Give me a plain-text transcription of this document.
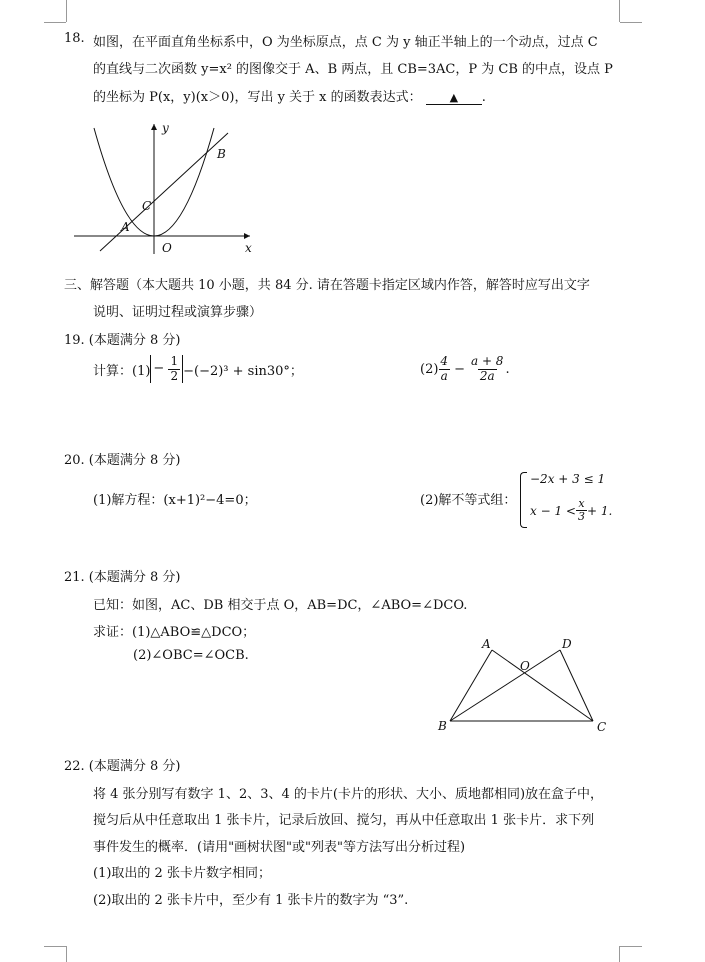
18. 如图，在平面直角坐标系中，O 为坐标原点，点 C 为 y 轴正半轴上的一个动点，过点 C
的直线与二次函数 y=x² 的图像交于 A、B 两点，且 CB=3AC，P 为 CB 的中点，设点 P
的坐标为 P(x，y)(x＞0)，写出 y 关于 x 的函数表达式：	▲ .
y
x
O
A
B
C
三、解答题（本大题共 10 小题，共 84 分. 请在答题卡指定区域内作答，解答时应写出文字
说明、证明过程或演算步骤）
19. (本题满分 8 分)
计算：$(1) - \frac{1}{2} -(-2)^3 + \sin 30^\circ$；	$(2) \frac{4}{a} - \frac{a + 8}{2a}$ .
20. (本题满分 8 分)
(1)解方程：(x+1)²−4=0；	(2)解不等式组：
−2x + 3 ≤ 1
$x - 1 < \frac{x}{3} + 1$ .
21. (本题满分 8 分)
已知：如图，AC、DB 相交于点 O，AB=DC，∠ABO=∠DCO.
求证：(1)△ABO≌△DCO；
(2)∠OBC=∠OCB.
A	D
O
B	C
22. (本题满分 8 分)
将 4 张分别写有数字 1、2、3、4 的卡片(卡片的形状、大小、质地都相同)放在盒子中，
搅匀后从中任意取出 1 张卡片，记录后放回、搅匀，再从中任意取出 1 张卡片．求下列
事件发生的概率．(请用"画树状图"或"列表"等方法写出分析过程)
(1)取出的 2 张卡片数字相同；
(2)取出的 2 张卡片中，至少有 1 张卡片的数字为 “3”.
